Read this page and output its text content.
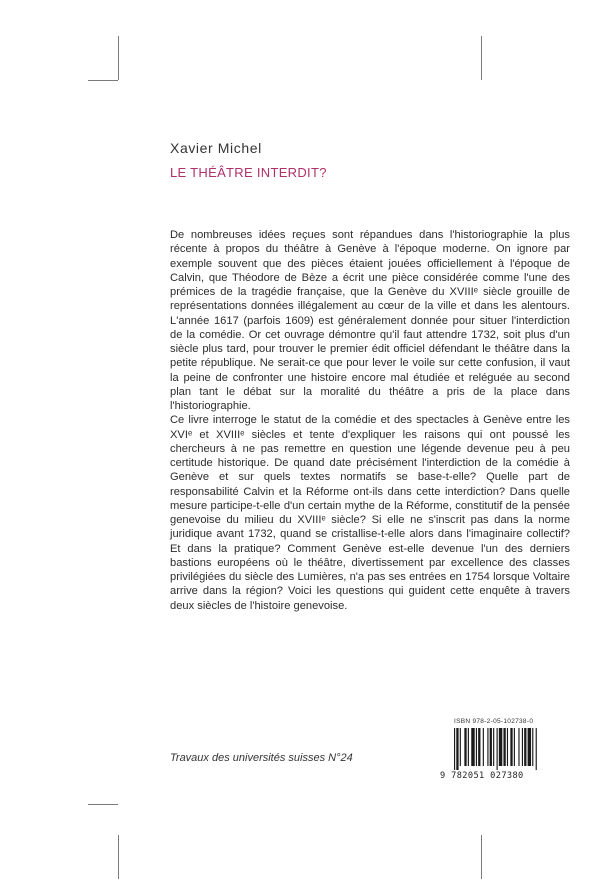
Xavier Michel
LE THÉÂTRE INTERDIT?

De nombreuses idées reçues sont répandues dans l'historiographie la plus récente à propos du théâtre à Genève à l'époque moderne. On ignore par exemple souvent que des pièces étaient jouées officiellement à l'époque de Calvin, que Théodore de Bèze a écrit une pièce considérée comme l'une des prémices de la tragédie française, que la Genève du XVIIIᵉ siècle grouille de représentations données illégalement au cœur de la ville et dans les alentours. L'année 1617 (parfois 1609) est généralement donnée pour situer l'interdiction de la comédie. Or cet ouvrage démontre qu'il faut attendre 1732, soit plus d'un siècle plus tard, pour trouver le premier édit officiel défendant le théâtre dans la petite république. Ne serait-ce que pour lever le voile sur cette confusion, il vaut la peine de confronter une histoire encore mal étudiée et reléguée au second plan tant le débat sur la moralité du théâtre a pris de la place dans l'historiographie.

Ce livre interroge le statut de la comédie et des spectacles à Genève entre les XVIᵉ et XVIIIᵉ siècles et tente d'expliquer les raisons qui ont poussé les chercheurs à ne pas remettre en question une légende devenue peu à peu certitude historique. De quand date précisément l'interdiction de la comédie à Genève et sur quels textes normatifs se base-t-elle? Quelle part de responsabilité Calvin et la Réforme ont-ils dans cette interdiction? Dans quelle mesure participe-t-elle d'un certain mythe de la Réforme, constitutif de la pensée genevoise du milieu du XVIIIᵉ siècle? Si elle ne s'inscrit pas dans la norme juridique avant 1732, quand se cristallise-t-elle alors dans l'imaginaire collectif? Et dans la pratique? Comment Genève est-elle devenue l'un des derniers bastions européens où le théâtre, divertissement par excellence des classes privilégiées du siècle des Lumières, n'a pas ses entrées en 1754 lorsque Voltaire arrive dans la région? Voici les questions qui guident cette enquête à travers deux siècles de l'histoire genevoise.

Travaux des universités suisses N°24
ISBN 978-2-05-102738-0
9 782051 027380
